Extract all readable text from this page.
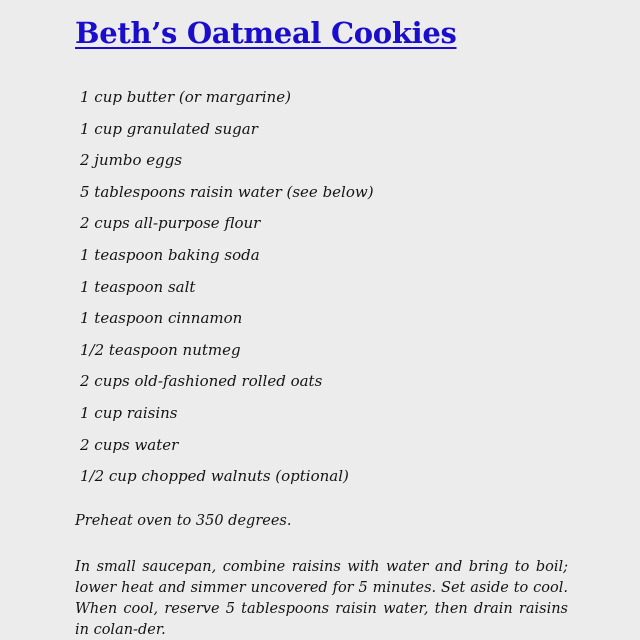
Beth’s Oatmeal Cookies
1 cup butter (or margarine)
1 cup granulated sugar
2 jumbo eggs
5 tablespoons raisin water (see below)
2 cups all-purpose flour
1 teaspoon baking soda
1 teaspoon salt
1 teaspoon cinnamon
1/2 teaspoon nutmeg
2 cups old-fashioned rolled oats
1 cup raisins
2 cups water
1/2 cup chopped walnuts (optional)

Preheat oven to 350 degrees.

In small saucepan, combine raisins with water and bring to boil; lower heat and simmer uncovered for 5 minutes. Set aside to cool. When cool, reserve 5 tablespoons raisin water, then drain raisins in colan-der.
